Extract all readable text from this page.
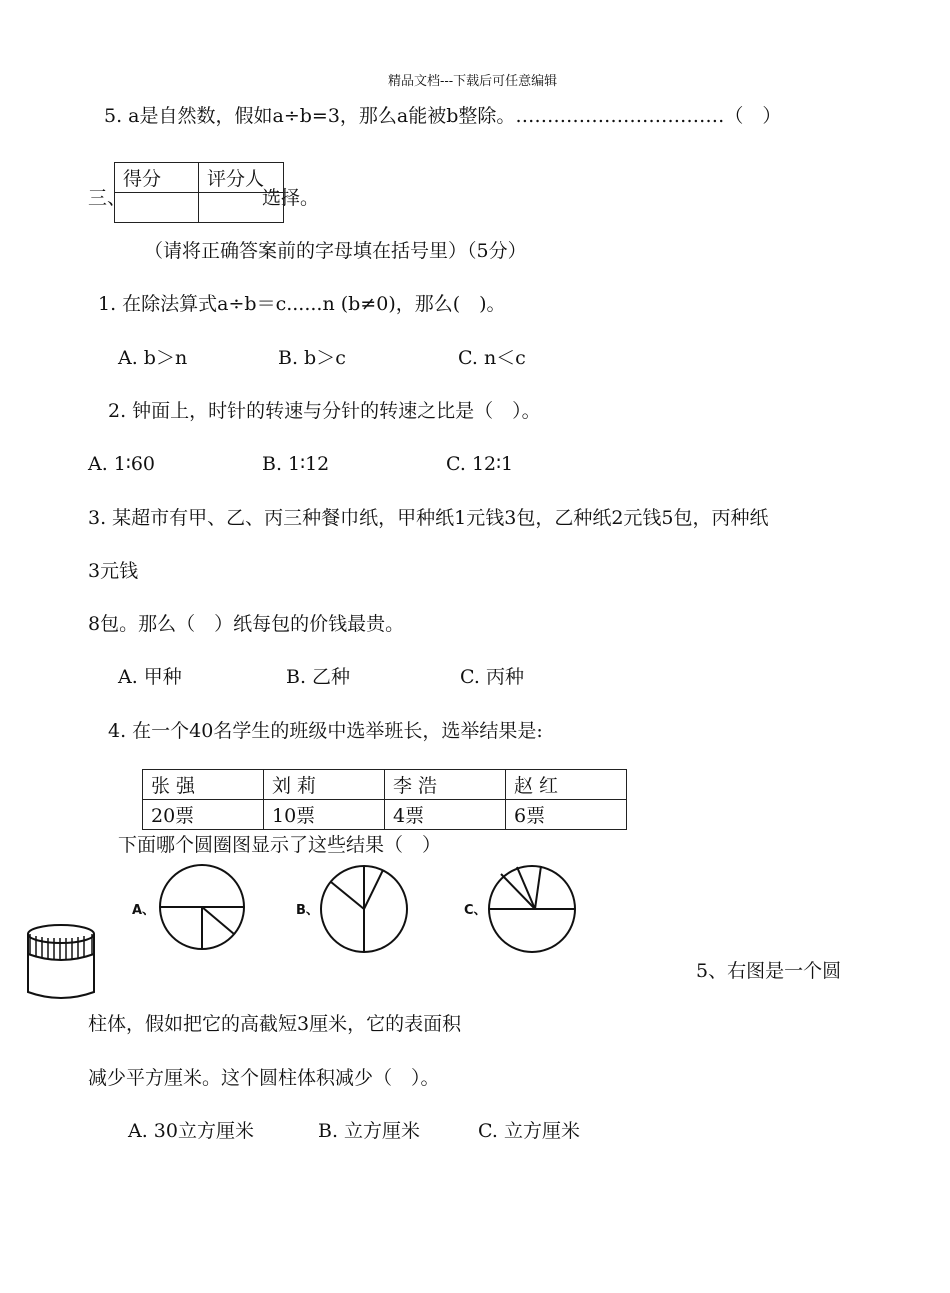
精品文档---下载后可任意编辑
5. a是自然数，假如a÷b=3，那么a能被b整除。……………………………（　）
三、	选择。
得分	评分人

（请将正确答案前的字母填在括号里）（5分）
1. 在除法算式a÷b＝c......n (b≠0)，那么(　)。
A. b＞n	B. b＞c	C. n＜c
2. 钟面上，时针的转速与分针的转速之比是（　）。
A. 1∶60	B. 1∶12	C. 12∶1
3. 某超市有甲、乙、丙三种餐巾纸，甲种纸1元钱3包，乙种纸2元钱5包，丙种纸
3元钱
8包。那么（　）纸每包的价钱最贵。
A. 甲种	B. 乙种	C. 丙种
4. 在一个40名学生的班级中选举班长，选举结果是:
张 强	刘 莉	李 浩	赵 红
20票	10票	4票	6票
下面哪个圆圈图显示了这些结果（　）
A、	B、	C、
5、右图是一个圆
柱体，假如把它的高截短3厘米，它的表面积
减少平方厘米。这个圆柱体积减少（　）。
A. 30立方厘米	B. 立方厘米	C. 立方厘米
